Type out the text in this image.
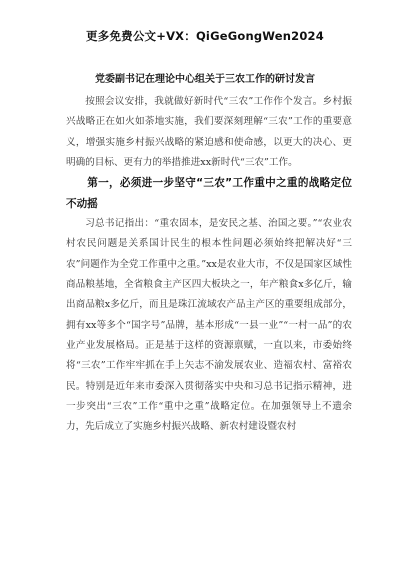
更多免费公文+VX：QiGeGongWen2024
党委副书记在理论中心组关于三农工作的研讨发言

按照会议安排，我就做好新时代“三农”工作作个发言。乡村振兴战略正在如火如荼地实施，我们要深刻理解“三农”工作的重要意义，增强实施乡村振兴战略的紧迫感和使命感，以更大的决心、更明确的目标、更有力的举措推进xx新时代“三农”工作。

第一，必须进一步坚守“三农”工作重中之重的战略定位不动摇

习总书记指出：“重农固本，是安民之基、治国之要。”“农业农村农民问题是关系国计民生的根本性问题必须始终把解决好“三农”问题作为全党工作重中之重。”xx是农业大市，不仅是国家区域性商品粮基地，全省粮食主产区四大板块之一，年产粮食x多亿斤，输出商品粮x多亿斤，而且是珠江流域农产品主产区的重要组成部分，拥有xx等多个“国字号”品牌，基本形成“一县一业”“一村一品”的农业产业发展格局。正是基于这样的资源禀赋，一直以来，市委始终将“三农”工作牢牢抓在手上矢志不渝发展农业、造福农村、富裕农民。特别是近年来市委深入贯彻落实中央和习总书记指示精神，进一步突出“三农”工作“重中之重”战略定位。在加强领导上不遗余力，先后成立了实施乡村振兴战略、新农村建设暨农村
